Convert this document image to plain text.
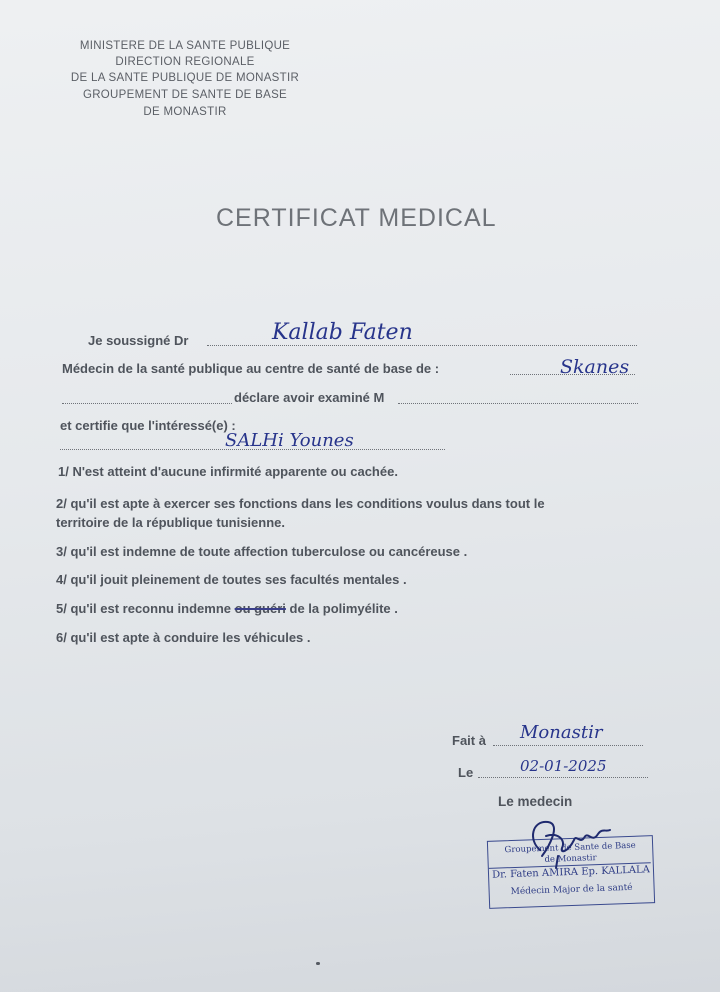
MINISTERE DE LA SANTE PUBLIQUE
DIRECTION REGIONALE
DE LA SANTE PUBLIQUE DE MONASTIR
GROUPEMENT DE SANTE DE BASE
DE MONASTIR
CERTIFICAT MEDICAL
Je soussigné Dr	Kallab Faten
Médecin de la santé publique au centre de santé de base de :	Skanes
déclare avoir examiné M
et certifie que l'intéressé(e) :
SALHi Younes
1/ N'est atteint d'aucune infirmité apparente ou cachée.
2/ qu'il est apte à exercer ses fonctions dans les conditions voulus dans tout le
territoire de la république tunisienne.
3/ qu'il est indemne de toute affection tuberculose ou cancéreuse .
4/ qu'il jouit pleinement de toutes ses facultés mentales .
5/ qu'il est reconnu indemne ou guéri de la polimyélite .
6/ qu'il est apte à conduire les véhicules .
Fait à Monastir
Le	02-01-2025
Le medecin
Groupement de Sante de Base
de Monastir
Dr. Faten AMIRA Ep. KALLALA
Médecin Major de la santé
